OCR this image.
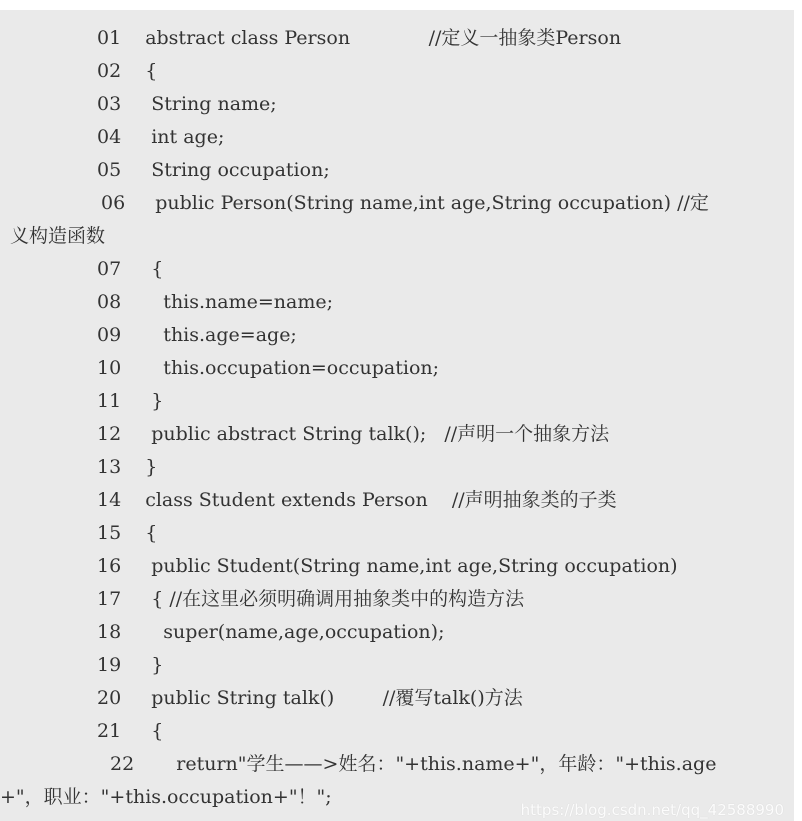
01 abstract class Person             //定义一抽象类Person
02 {
03 String name;
04 int age;
05 String occupation;
06 public Person(String name,int age,String occupation) //定
义构造函数
07 {
08   this.name=name;
09   this.age=age;
10   this.occupation=occupation;
11 }
12 public abstract String talk();   //声明一个抽象方法
13 }
14 class Student extends Person    //声明抽象类的子类
15 {
16 public Student(String name,int age,String occupation)
17 { //在这里必须明确调用抽象类中的构造方法
18   super(name,age,occupation);
19 }
20 public String talk()        //覆写talk()方法
21 {
22  return"学生——>姓名："+this.name+"，年龄："+this.age
+"，职业："+this.occupation+"！";
https://blog.csdn.net/qq_42588990
